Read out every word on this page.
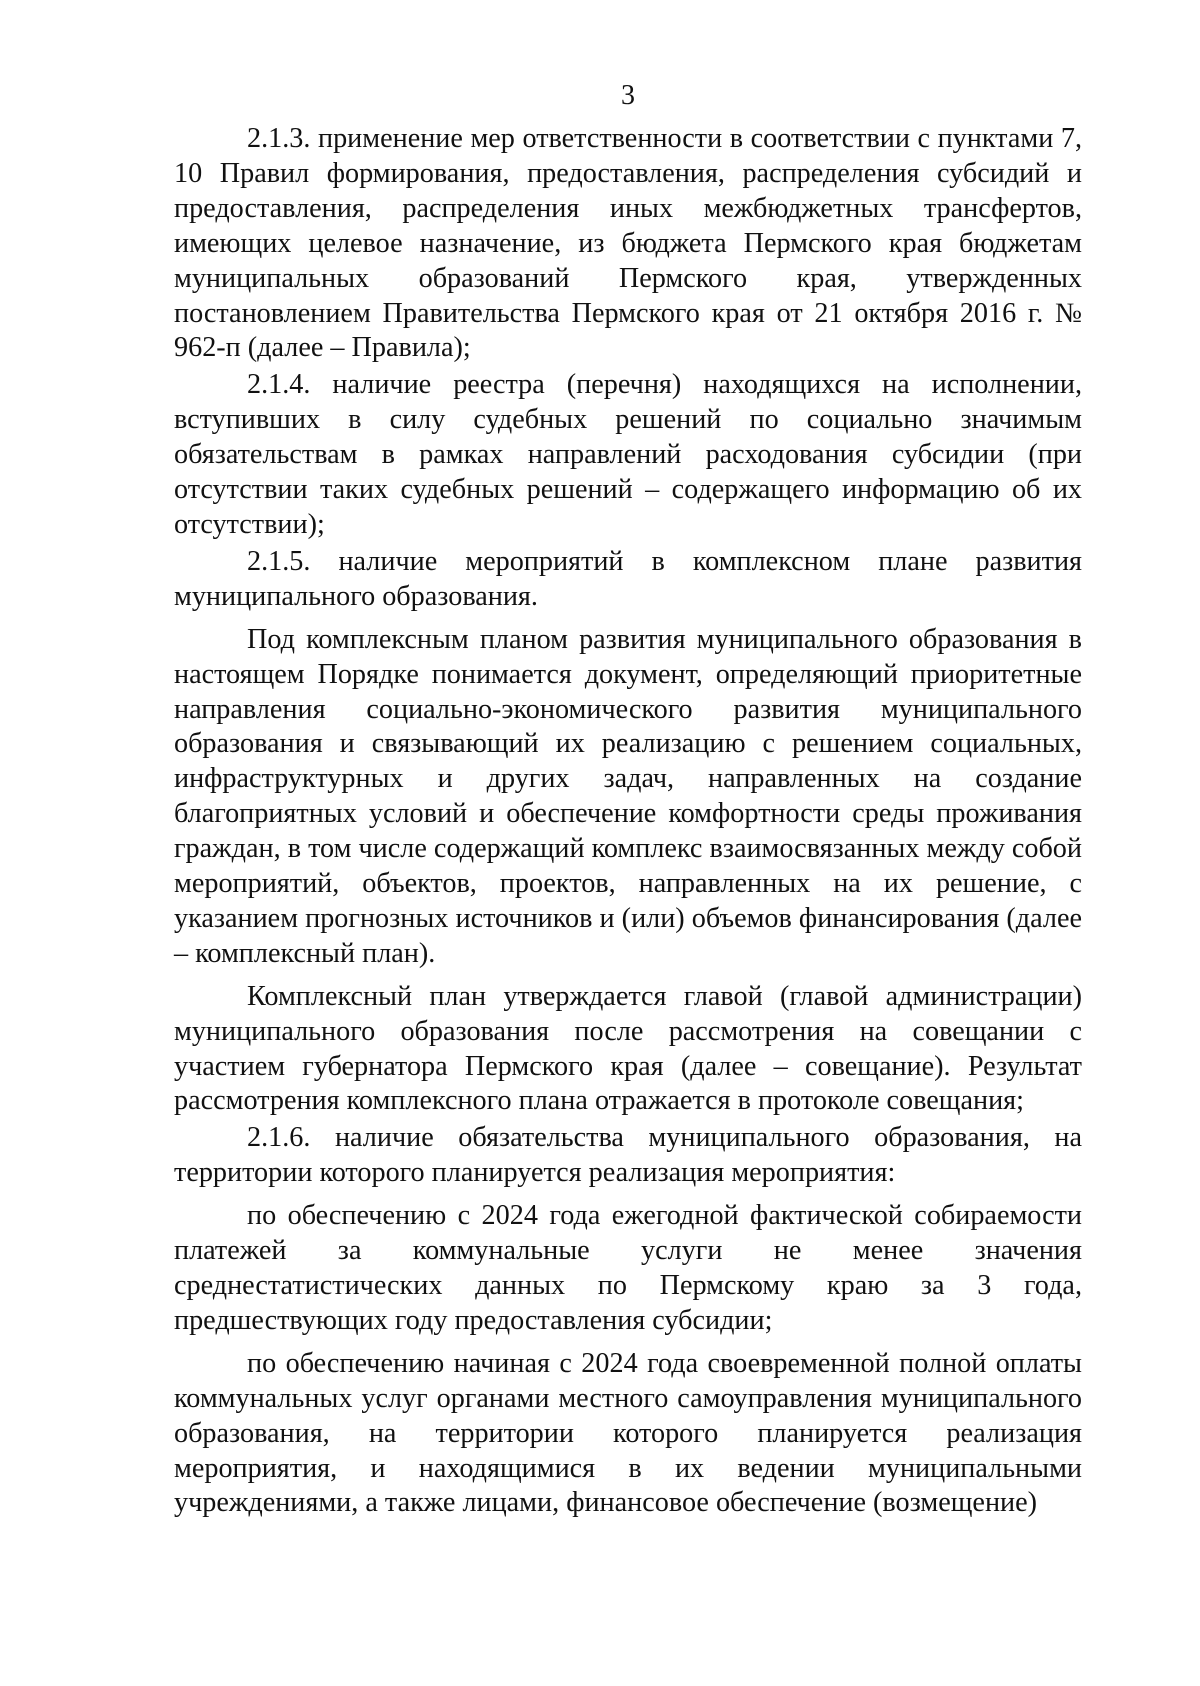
3

2.1.3. применение мер ответственности в соответствии с пунктами 7, 10 Правил формирования, предоставления, распределения субсидий и предоставления, распределения иных межбюджетных трансфертов, имеющих целевое назначение, из бюджета Пермского края бюджетам муниципальных образований Пермского края, утвержденных постановлением Правительства Пермского края от 21 октября 2016 г. № 962-п (далее – Правила);

2.1.4. наличие реестра (перечня) находящихся на исполнении, вступивших в силу судебных решений по социально значимым обязательствам в рамках направлений расходования субсидии (при отсутствии таких судебных решений – содержащего информацию об их отсутствии);

2.1.5. наличие мероприятий в комплексном плане развития муниципального образования.

Под комплексным планом развития муниципального образования в настоящем Порядке понимается документ, определяющий приоритетные направления социально-экономического развития муниципального образования и связывающий их реализацию с решением социальных, инфраструктурных и других задач, направленных на создание благоприятных условий и обеспечение комфортности среды проживания граждан, в том числе содержащий комплекс взаимосвязанных между собой мероприятий, объектов, проектов, направленных на их решение, с указанием прогнозных источников и (или) объемов финансирования (далее – комплексный план).

Комплексный план утверждается главой (главой администрации) муниципального образования после рассмотрения на совещании с участием губернатора Пермского края (далее – совещание). Результат рассмотрения комплексного плана отражается в протоколе совещания;

2.1.6. наличие обязательства муниципального образования, на территории которого планируется реализация мероприятия:

по обеспечению с 2024 года ежегодной фактической собираемости платежей за коммунальные услуги не менее значения среднестатистических данных по Пермскому краю за 3 года, предшествующих году предоставления субсидии;

по обеспечению начиная с 2024 года своевременной полной оплаты коммунальных услуг органами местного самоуправления муниципального образования, на территории которого планируется реализация мероприятия, и находящимися в их ведении муниципальными учреждениями, а также лицами, финансовое обеспечение (возмещение)
